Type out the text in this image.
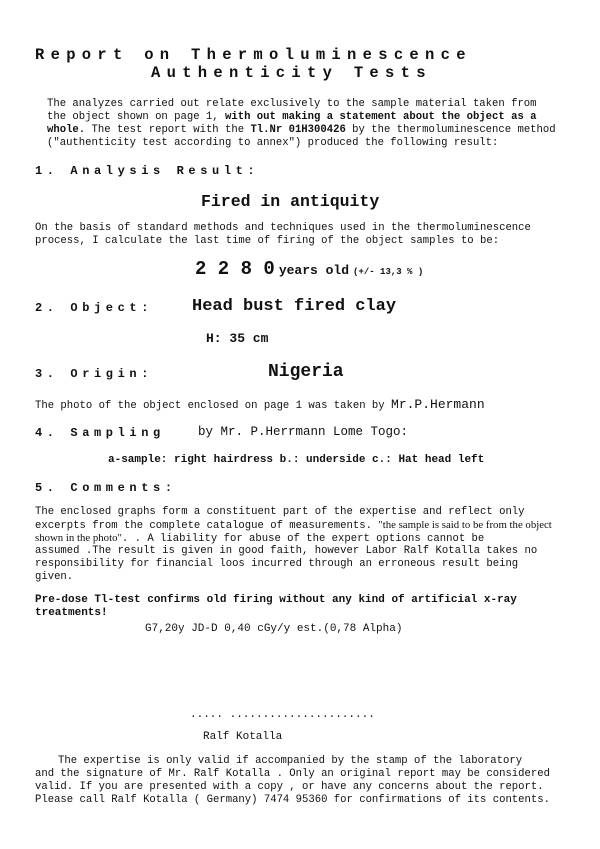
Report on Thermoluminescence
Authenticity Tests
The analyzes carried out relate exclusively to the sample material taken from
the object shown on page 1, with out making a statement about the object as a
whole. The test report with the Tl.Nr 01H300426 by the thermoluminescence method
("authenticity test according to annex") produced the following result:
1. Analysis Result:
Fired in antiquity
On the basis of standard methods and techniques used in the thermoluminescence
process, I calculate the last time of firing of the object samples to be:
2 2 8 0 years old (+/- 13,3 % )
2. Object: Head bust fired clay
H: 35 cm
3. Origin:	Nigeria
The photo of the object enclosed on page 1 was taken by Mr.P.Hermann
4. Sampling	by Mr. P.Herrmann Lome Togo:
a-sample: right hairdress b.: underside c.: Hat head left
5. Comments:
The enclosed graphs form a constituent part of the expertise and reflect only
excerpts from the complete catalogue of measurements. "the sample is said to be from the object
shown in the photo". . A liability for abuse of the expert options cannot be
assumed .The result is given in good faith, however Labor Ralf Kotalla takes no
responsibility for financial loos incurred through an erroneous result being
given.
Pre-dose Tl-test confirms old firing without any kind of artificial x-ray
treatments!
G7,20y JD-D 0,40 cGy/y est.(0,78 Alpha)
..... ......................
Ralf Kotalla
The expertise is only valid if accompanied by the stamp of the laboratory
and the signature of Mr. Ralf Kotalla . Only an original report may be considered
valid. If you are presented with a copy , or have any concerns about the report.
Please call Ralf Kotalla ( Germany) 7474 95360 for confirmations of its contents.
